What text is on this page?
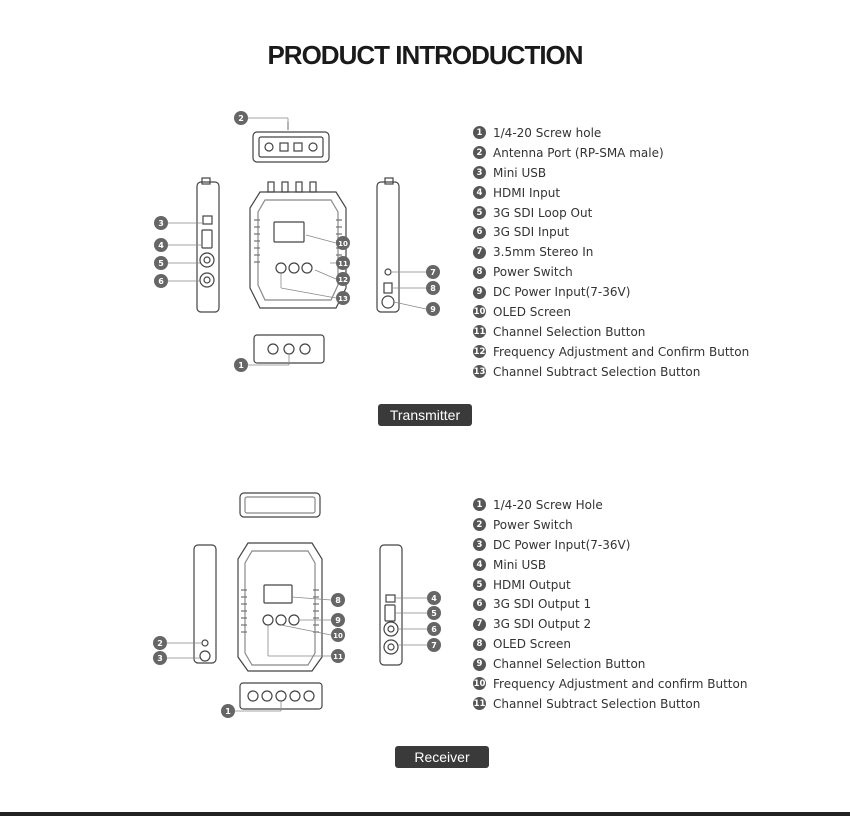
PRODUCT INTRODUCTION
2
3
4
5
6
7
8
9
10
11
12
13
1
1 1/4-20 Screw hole
2 Antenna Port (RP-SMA male)
3 Mini USB
4 HDMI Input
5 3G SDI Loop Out
6 3G SDI Input
7 3.5mm Stereo In
8 Power Switch
9 DC Power Input(7-36V)
10 OLED Screen
11 Channel Selection Button
12 Frequency Adjustment and Confirm Button
13 Channel Subtract Selection Button
Transmitter
2
3
4
5
6
7
8
9
10
11
1
1 1/4-20 Screw Hole
2 Power Switch
3 DC Power Input(7-36V)
4 Mini USB
5 HDMI Output
6 3G SDI Output 1
7 3G SDI Output 2
8 OLED Screen
9 Channel Selection Button
10 Frequency Adjustment and confirm Button
11 Channel Subtract Selection Button
Receiver
